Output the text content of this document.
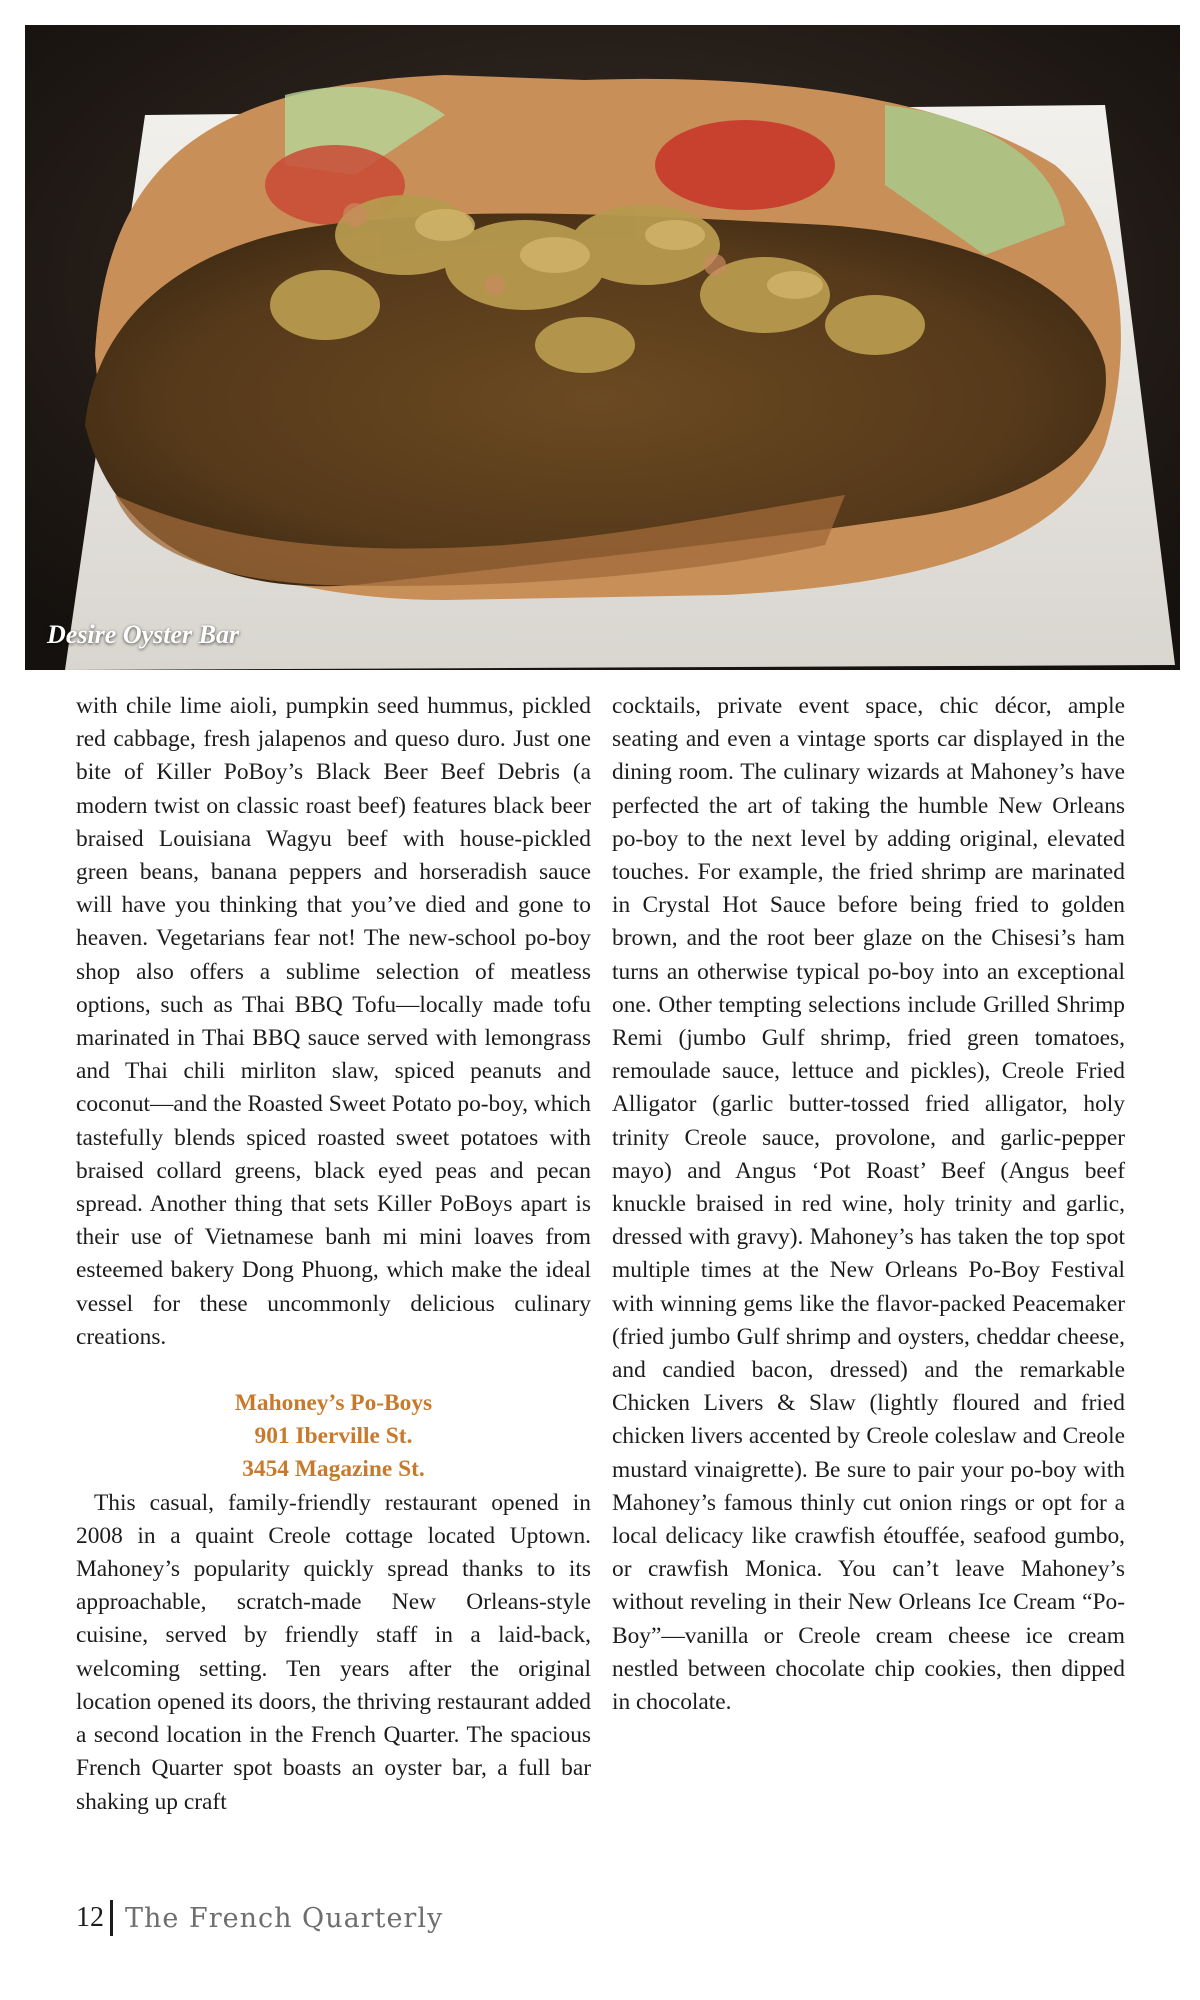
Desire Oyster Bar

with chile lime aioli, pumpkin seed hummus, pickled red cabbage, fresh jalapenos and queso duro. Just one bite of Killer PoBoy’s Black Beer Beef Debris (a modern twist on classic roast beef) features black beer braised Louisiana Wagyu beef with house-pickled green beans, banana peppers and horseradish sauce will have you thinking that you’ve died and gone to heaven. Vegetarians fear not! The new-school po-boy shop also offers a sublime selection of meatless options, such as Thai BBQ Tofu—locally made tofu marinated in Thai BBQ sauce served with lemongrass and Thai chili mirliton slaw, spiced peanuts and coconut—and the Roasted Sweet Potato po-boy, which tastefully blends spiced roasted sweet potatoes with braised collard greens, black eyed peas and pecan spread. Another thing that sets Killer PoBoys apart is their use of Vietnamese banh mi mini loaves from esteemed bakery Dong Phuong, which make the ideal vessel for these uncommonly delicious culinary creations.

Mahoney’s Po-Boys
901 Iberville St.
3454 Magazine St.

This casual, family-friendly restaurant opened in 2008 in a quaint Creole cottage located Uptown. Mahoney’s popularity quickly spread thanks to its approachable, scratch-made New Orleans-style cuisine, served by friendly staff in a laid-back, welcoming setting. Ten years after the original location opened its doors, the thriving restaurant added a second location in the French Quarter. The spacious French Quarter spot boasts an oyster bar, a full bar shaking up craft

cocktails, private event space, chic décor, ample seating and even a vintage sports car displayed in the dining room. The culinary wizards at Mahoney’s have perfected the art of taking the humble New Orleans po-boy to the next level by adding original, elevated touches. For example, the fried shrimp are marinated in Crystal Hot Sauce before being fried to golden brown, and the root beer glaze on the Chisesi’s ham turns an otherwise typical po-boy into an exceptional one. Other tempting selections include Grilled Shrimp Remi (jumbo Gulf shrimp, fried green tomatoes, remoulade sauce, lettuce and pickles), Creole Fried Alligator (garlic butter-tossed fried alligator, holy trinity Creole sauce, provolone, and garlic-pepper mayo) and Angus ‘Pot Roast’ Beef (Angus beef knuckle braised in red wine, holy trinity and garlic, dressed with gravy). Mahoney’s has taken the top spot multiple times at the New Orleans Po-Boy Festival with winning gems like the flavor-packed Peacemaker (fried jumbo Gulf shrimp and oysters, cheddar cheese, and candied bacon, dressed) and the remarkable Chicken Livers & Slaw (lightly floured and fried chicken livers accented by Creole coleslaw and Creole mustard vinaigrette). Be sure to pair your po-boy with Mahoney’s famous thinly cut onion rings or opt for a local delicacy like crawfish étouffée, seafood gumbo, or crawfish Monica. You can’t leave Mahoney’s without reveling in their New Orleans Ice Cream “Po-Boy”—vanilla or Creole cream cheese ice cream nestled between chocolate chip cookies, then dipped in chocolate.

12 The French Quarterly
